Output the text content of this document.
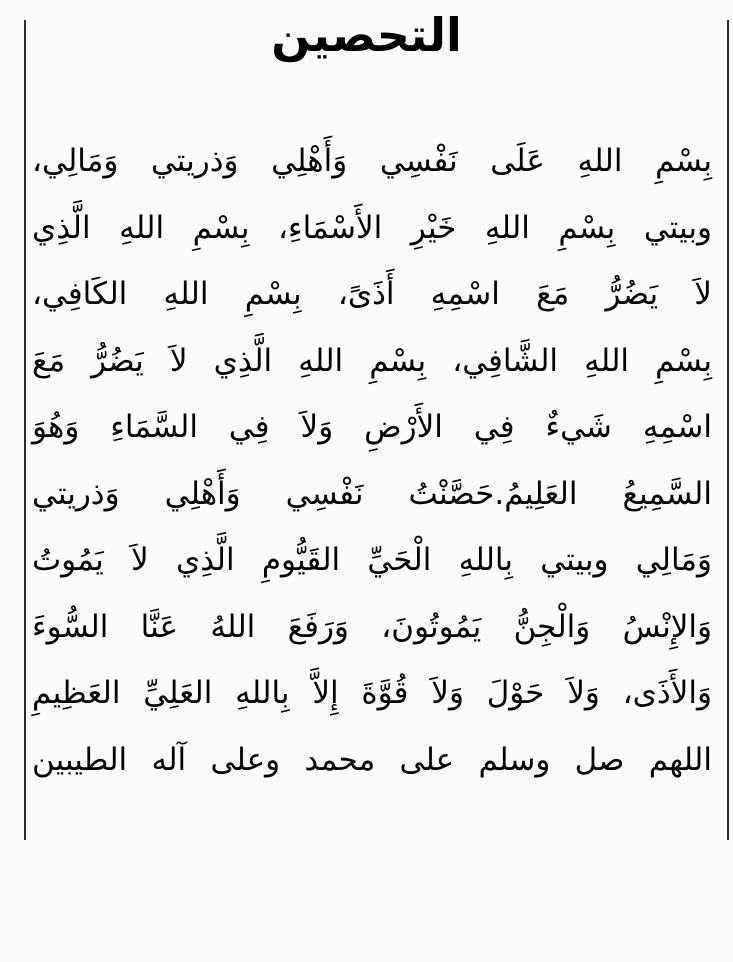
التحصين
بِسْمِ اللهِ عَلَى نَفْسِي وَأَهْلِي وَذريتي وَمَالِي،
وبيتي بِسْمِ اللهِ خَيْرِ الأَسْمَاءِ، بِسْمِ اللهِ الَّذِي
لاَ يَضُرُّ مَعَ اسْمِهِ أَذَىً، بِسْمِ اللهِ الكَافِي،
بِسْمِ اللهِ الشَّافِي، بِسْمِ اللهِ الَّذِي لاَ يَضُرُّ مَعَ
اسْمِهِ شَيءٌ فِي الأَرْضِ وَلاَ فِي السَّمَاءِ وَهُوَ
السَّمِيعُ العَلِيمُ.حَصَّنْتُ نَفْسِي وَأَهْلِي وَذريتي
وَمَالِي وبيتي بِاللهِ الْحَيِّ القَيُّومِ الَّذِي لاَ يَمُوتُ
وَالإِنْسُ وَالْجِنُّ يَمُوتُونَ، وَرَفَعَ اللهُ عَنَّا السُّوءَ
وَالأَذَى، وَلاَ حَوْلَ وَلاَ قُوَّةَ إِلاَّ بِاللهِ العَلِيِّ العَظِيمِ
اللهم صل وسلم على محمد وعلى آله الطيبين
